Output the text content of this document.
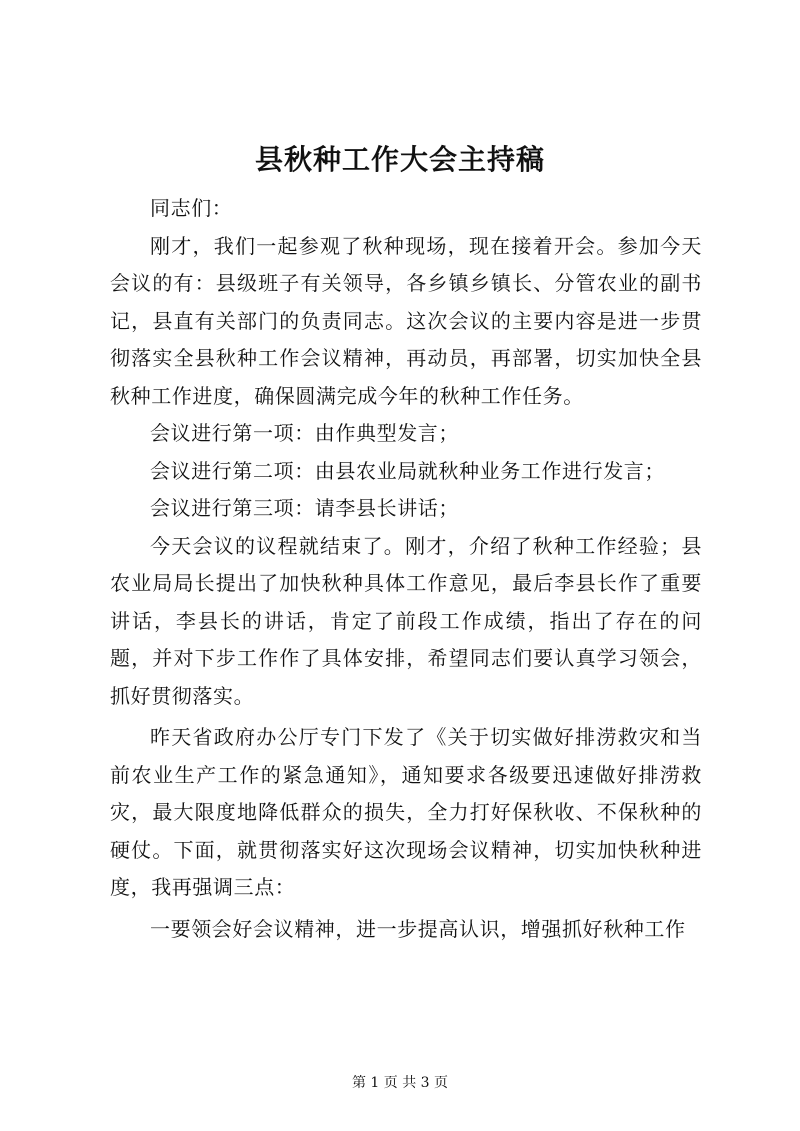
县秋种工作大会主持稿

同志们：

刚才，我们一起参观了秋种现场，现在接着开会。参加今天会议的有：县级班子有关领导，各乡镇乡镇长、分管农业的副书记，县直有关部门的负责同志。这次会议的主要内容是进一步贯彻落实全县秋种工作会议精神，再动员，再部署，切实加快全县秋种工作进度，确保圆满完成今年的秋种工作任务。

会议进行第一项：由作典型发言；

会议进行第二项：由县农业局就秋种业务工作进行发言；

会议进行第三项：请李县长讲话；

今天会议的议程就结束了。刚才，介绍了秋种工作经验；县农业局局长提出了加快秋种具体工作意见，最后李县长作了重要讲话，李县长的讲话，肯定了前段工作成绩，指出了存在的问题，并对下步工作作了具体安排，希望同志们要认真学习领会，抓好贯彻落实。

昨天省政府办公厅专门下发了《关于切实做好排涝救灾和当前农业生产工作的紧急通知》，通知要求各级要迅速做好排涝救灾，最大限度地降低群众的损失，全力打好保秋收、不保秋种的硬仗。下面，就贯彻落实好这次现场会议精神，切实加快秋种进度，我再强调三点：

一要领会好会议精神，进一步提高认识，增强抓好秋种工作

第 1 页 共 3 页
